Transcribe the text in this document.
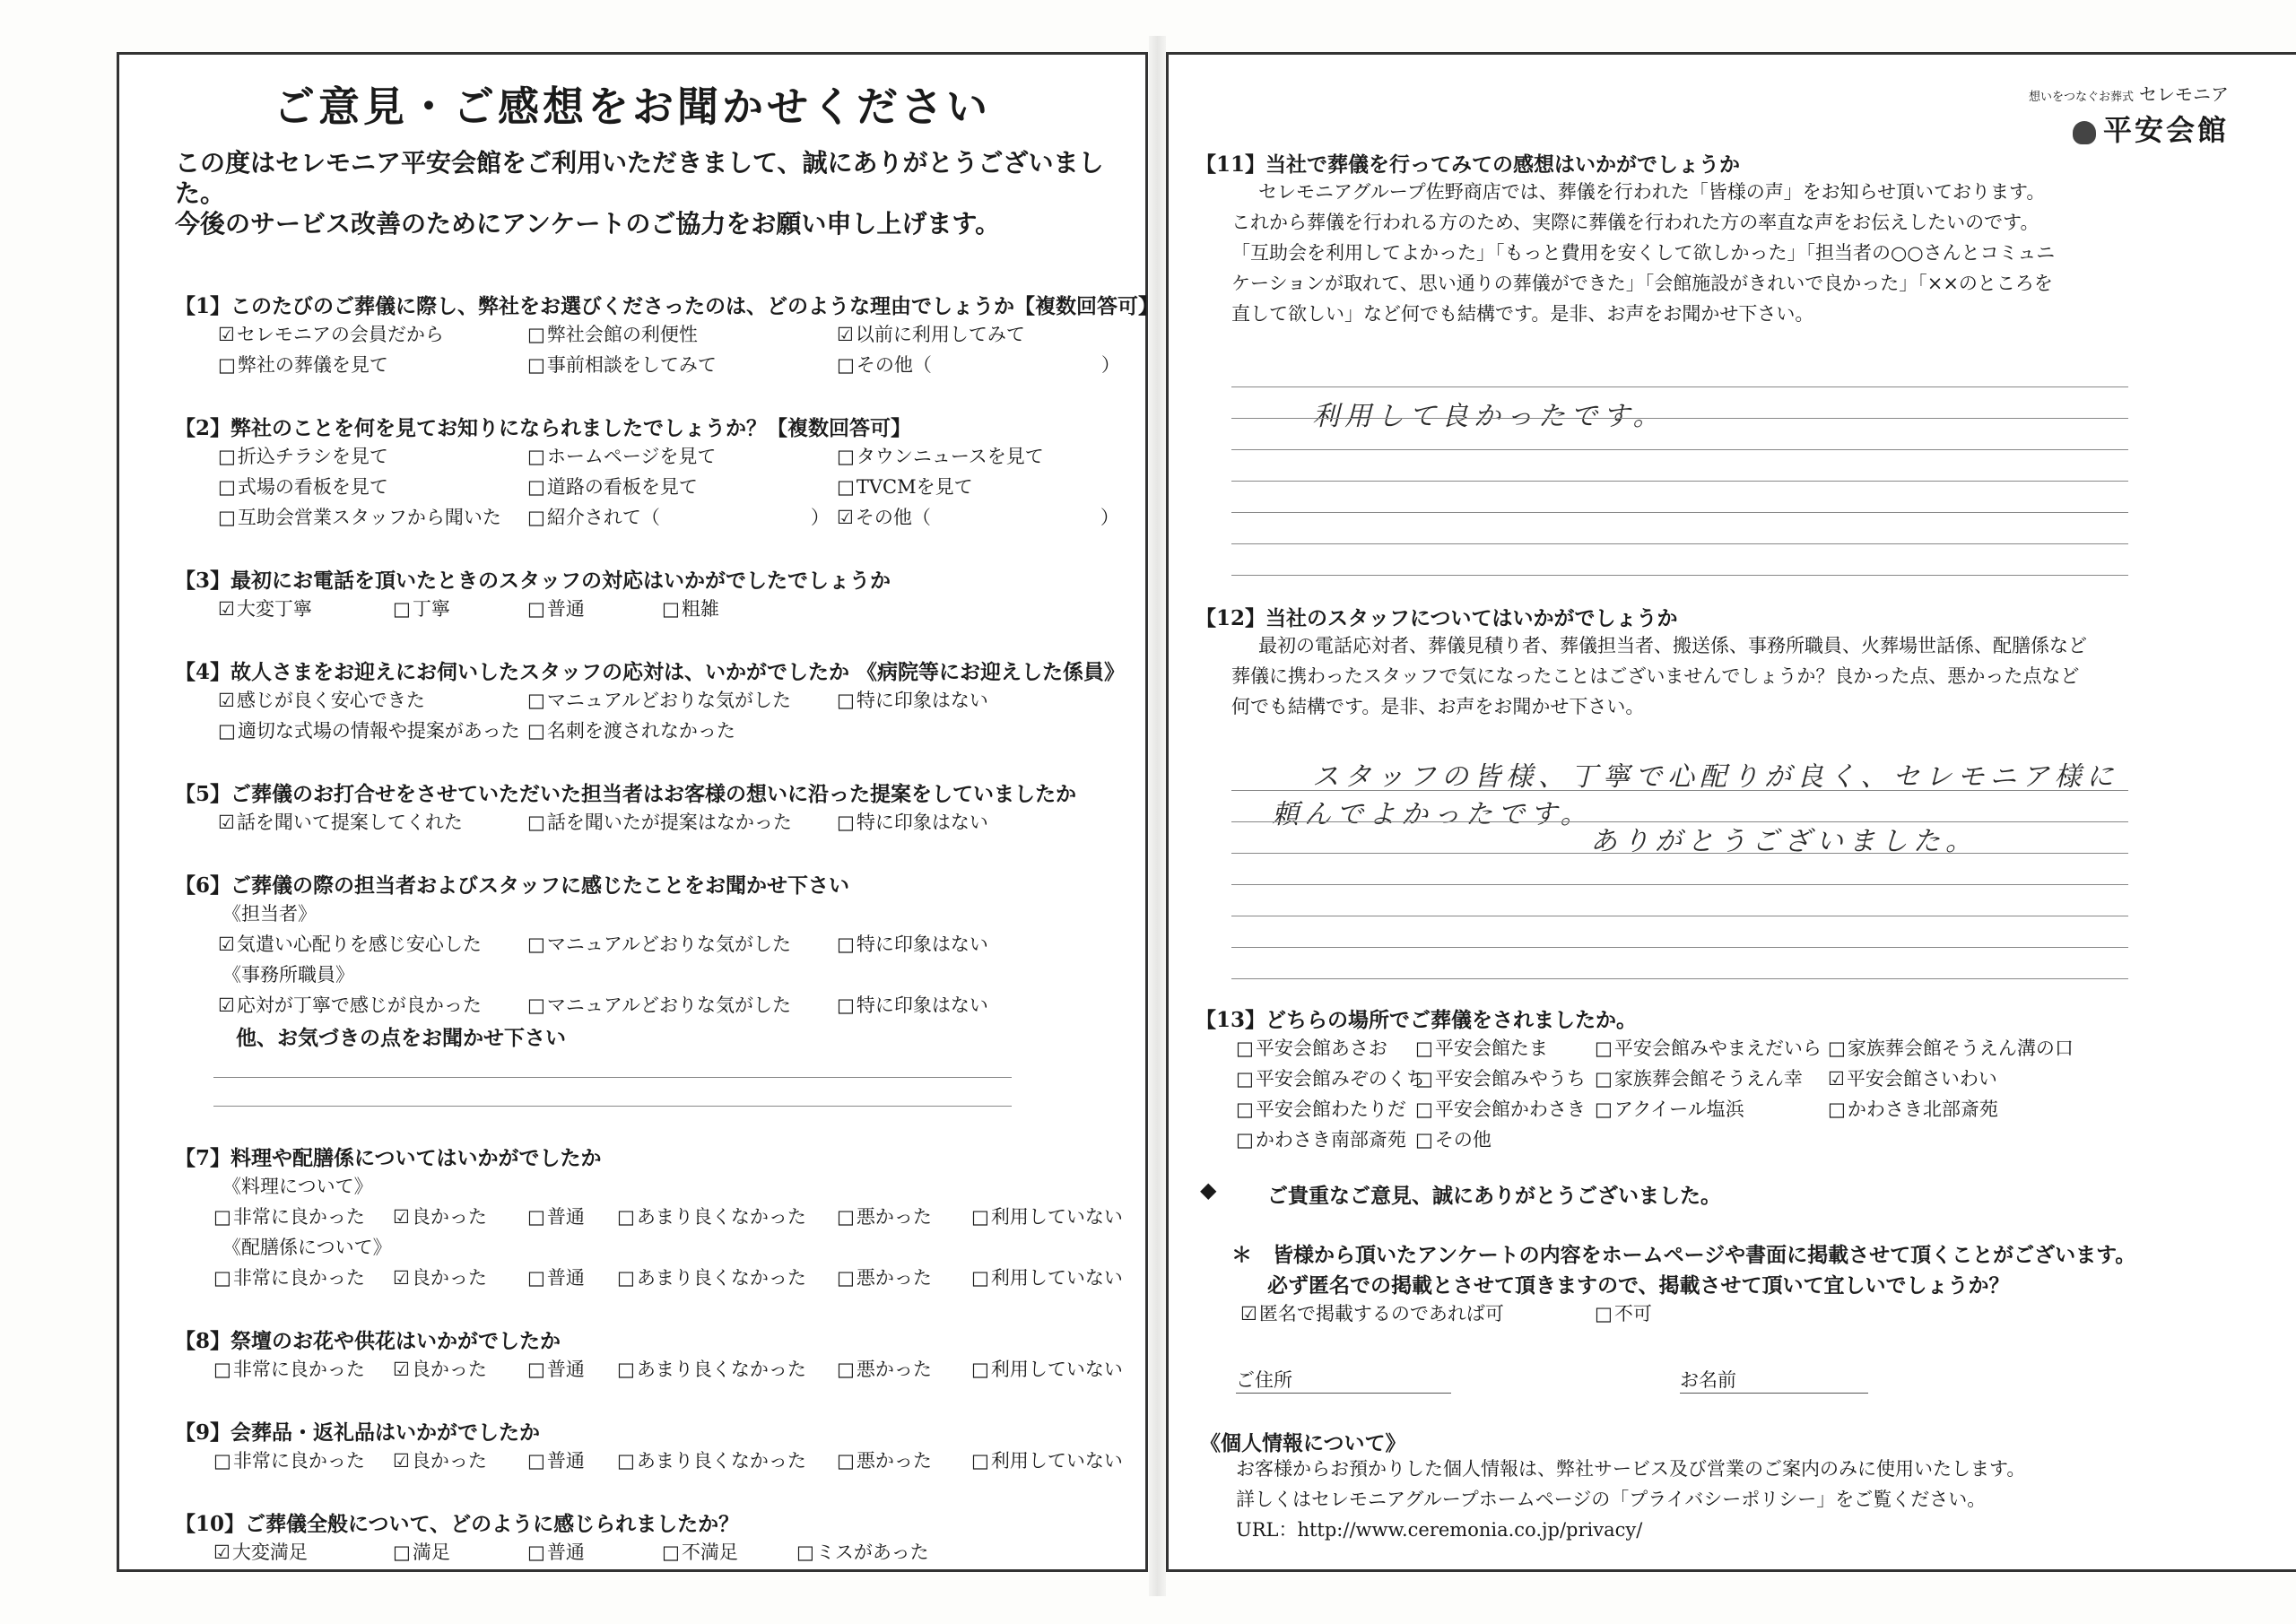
ご意見・ご感想をお聞かせください
この度はセレモニア平安会館をご利用いただきまして、誠にありがとうございました。
今後のサービス改善のためにアンケートのご協力をお願い申し上げます。
【1】このたびのご葬儀に際し、弊社をお選びくださったのは、どのような理由でしょうか【複数回答可】
☑ セレモニアの会員だから	□ 弊社会館の利便性	☑ 以前に利用してみて
□ 弊社の葬儀を見て	□ 事前相談をしてみて	□ その他（　　　　　　　　　）
【2】弊社のことを何を見てお知りになられましたでしょうか？【複数回答可】
□ 折込チラシを見て	□ ホームページを見て	□ タウンニュースを見て
□ 式場の看板を見て	□ 道路の看板を見て	□ TVCMを見て
□ 互助会営業スタッフから聞いた	□ 紹介されて（　　　　　　　　）	☑ その他（　　　　　　　　　）
【3】最初にお電話を頂いたときのスタッフの対応はいかがでしたでしょうか
☑ 大変丁寧	□ 丁寧	□ 普通	□ 粗雑
【4】故人さまをお迎えにお伺いしたスタッフの応対は、いかがでしたか 《病院等にお迎えした係員》
☑ 感じが良く安心できた	□ マニュアルどおりな気がした	□ 特に印象はない
□ 適切な式場の情報や提案があった	□ 名刺を渡されなかった
【5】ご葬儀のお打合せをさせていただいた担当者はお客様の想いに沿った提案をしていましたか
☑ 話を聞いて提案してくれた	□ 話を聞いたが提案はなかった	□ 特に印象はない
【6】ご葬儀の際の担当者およびスタッフに感じたことをお聞かせ下さい
《担当者》
☑ 気遣い心配りを感じ安心した	□ マニュアルどおりな気がした	□ 特に印象はない
《事務所職員》
☑ 応対が丁寧で感じが良かった	□ マニュアルどおりな気がした	□ 特に印象はない
他、お気づきの点をお聞かせ下さい
【7】料理や配膳係についてはいかがでしたか
《料理について》
□ 非常に良かった	☑ 良かった	□ 普通	□ あまり良くなかった	□ 悪かった	□ 利用していない
《配膳係について》
□ 非常に良かった	☑ 良かった	□ 普通	□ あまり良くなかった	□ 悪かった	□ 利用していない
【8】祭壇のお花や供花はいかがでしたか
□ 非常に良かった	☑ 良かった	□ 普通	□ あまり良くなかった	□ 悪かった	□ 利用していない
【9】会葬品・返礼品はいかがでしたか
□ 非常に良かった	☑ 良かった	□ 普通	□ あまり良くなかった	□ 悪かった	□ 利用していない
【10】ご葬儀全般について、どのように感じられましたか？
☑ 大変満足	□ 満足	□ 普通	□ 不満足	□ ミスがあった
想いをつなぐお葬式 セレモニア
平安会館
【11】当社で葬儀を行ってみての感想はいかがでしょうか
セレモニアグループ佐野商店では、葬儀を行われた「皆様の声」をお知らせ頂いております。
これから葬儀を行われる方のため、実際に葬儀を行われた方の率直な声をお伝えしたいのです。
「互助会を利用してよかった」「もっと費用を安くして欲しかった」「担当者の○○さんとコミュニ
ケーションが取れて、思い通りの葬儀ができた」「会館施設がきれいで良かった」「××のところを
直して欲しい」など何でも結構です。是非、お声をお聞かせ下さい。
利用して良かったです。
【12】当社のスタッフについてはいかがでしょうか
最初の電話応対者、葬儀見積り者、葬儀担当者、搬送係、事務所職員、火葬場世話係、配膳係など
葬儀に携わったスタッフで気になったことはございませんでしょうか？良かった点、悪かった点など
何でも結構です。是非、お声をお聞かせ下さい。
スタッフの皆様、丁寧で心配りが良く、セレモニア様に
頼んでよかったです。
ありがとうございました。
【13】どちらの場所でご葬儀をされましたか。
□ 平安会館あさお	□ 平安会館たま	□ 平安会館みやまえだいら	□ 家族葬会館そうえん溝の口
□ 平安会館みぞのくち □ 平安会館みやうち	□ 家族葬会館そうえん幸	☑ 平安会館さいわい
□ 平安会館わたりだ	□ 平安会館かわさき	□ アクイール塩浜	□ かわさき北部斎苑
□ かわさき南部斎苑	□ その他
◆ ご貴重なご意見、誠にありがとうございました。
＊　皆様から頂いたアンケートの内容をホームページや書面に掲載させて頂くことがございます。
必ず匿名での掲載とさせて頂きますので、掲載させて頂いて宜しいでしょうか？
☑ 匿名で掲載するのであれば可	□ 不可
ご住所	お名前
《個人情報について》
お客様からお預かりした個人情報は、弊社サービス及び営業のご案内のみに使用いたします。
詳しくはセレモニアグループホームページの「プライバシーポリシー」をご覧ください。
URL：http://www.ceremonia.co.jp/privacy/
